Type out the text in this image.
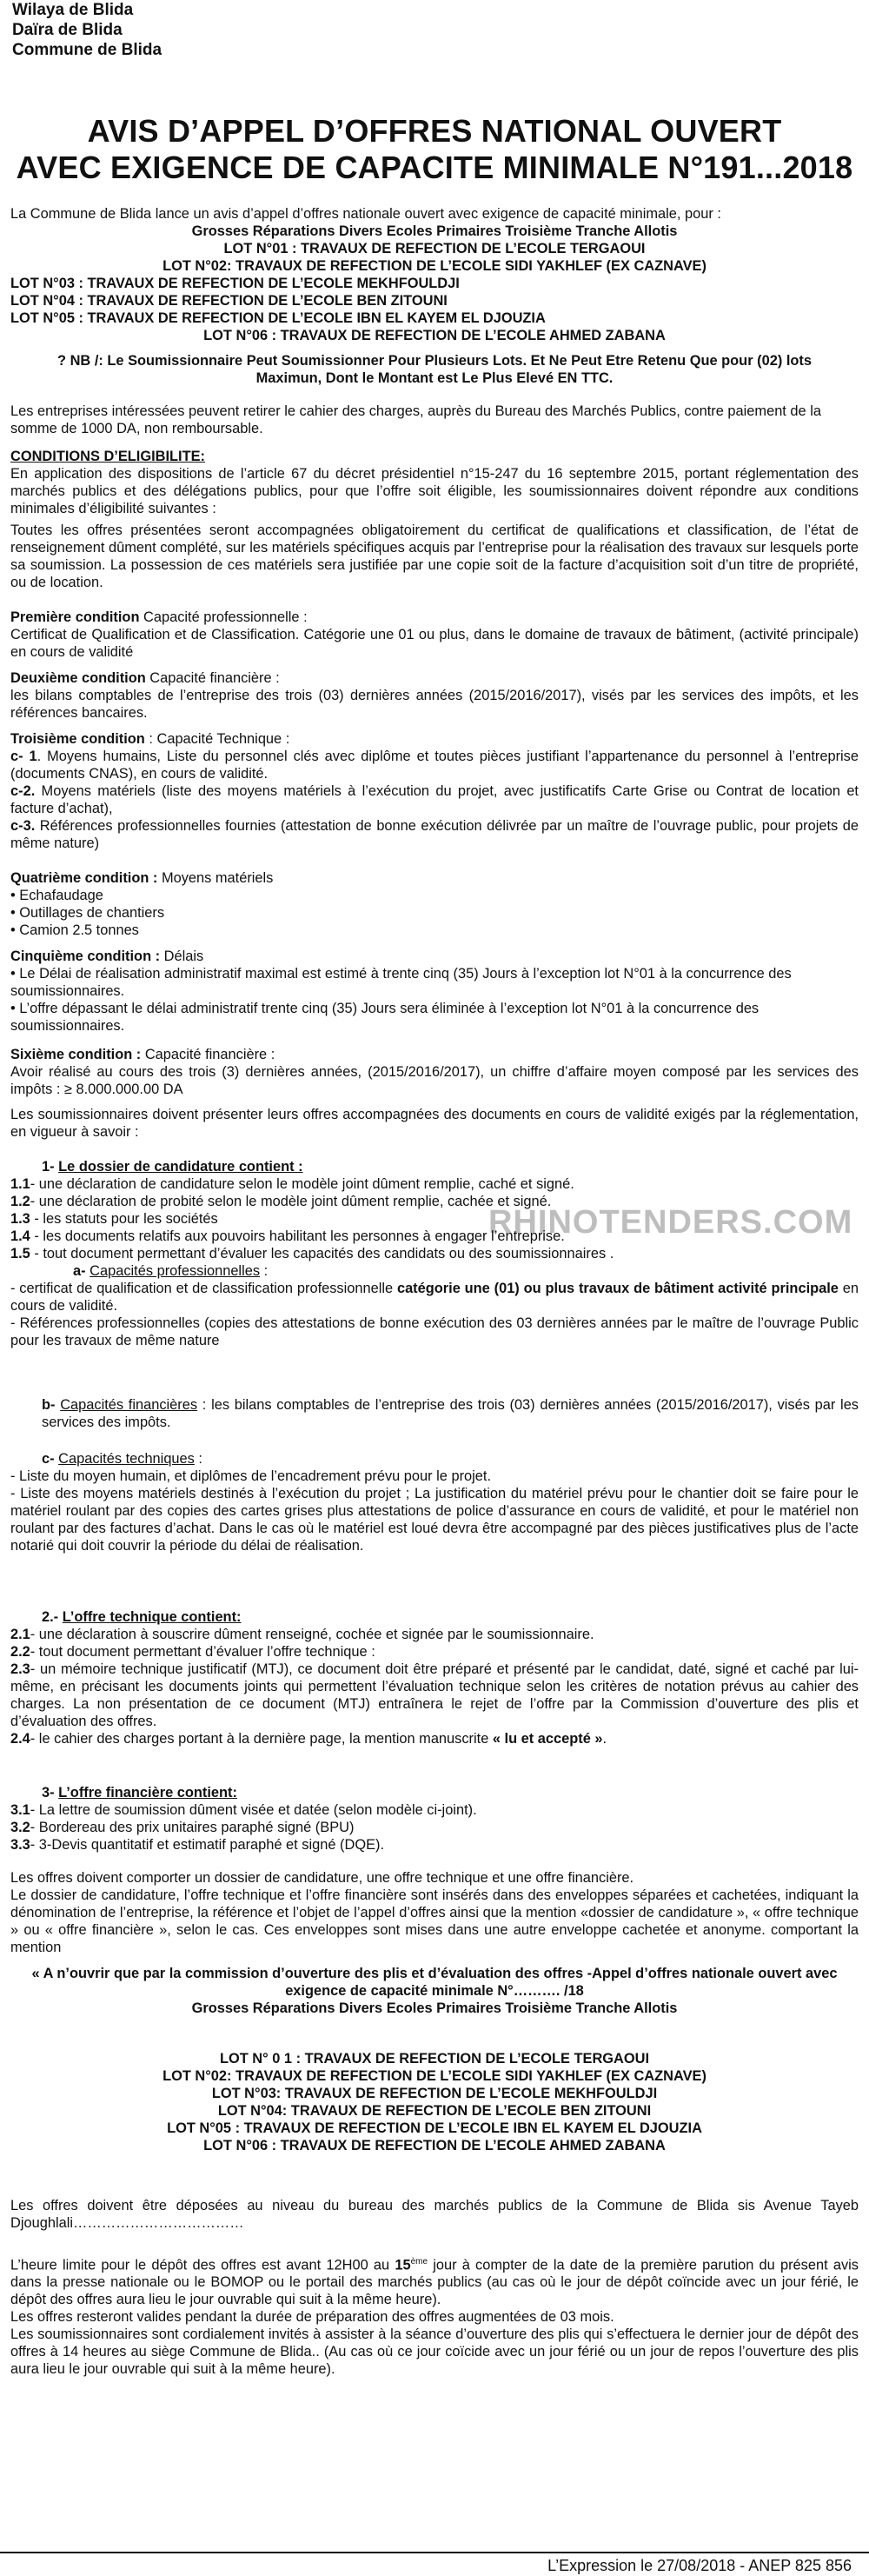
Wilaya de Blida
Daïra de Blida
Commune de Blida
AVIS D’APPEL D’OFFRES NATIONAL OUVERT
AVEC EXIGENCE DE CAPACITE MINIMALE N°191...2018
La Commune de Blida lance un avis d’appel d’offres nationale ouvert avec exigence de capacité minimale, pour :
Grosses Réparations Divers Ecoles Primaires Troisième Tranche Allotis
LOT N°01 : TRAVAUX DE REFECTION DE L’ECOLE TERGAOUI
LOT N°02: TRAVAUX DE REFECTION DE L’ECOLE SIDI YAKHLEF (EX CAZNAVE)
LOT N°03 : TRAVAUX DE REFECTION DE L’ECOLE MEKHFOULDJI
LOT N°04 : TRAVAUX DE REFECTION DE L’ECOLE BEN ZITOUNI
LOT N°05 : TRAVAUX DE REFECTION DE L’ECOLE IBN EL KAYEM EL DJOUZIA
LOT N°06 : TRAVAUX DE REFECTION DE L’ECOLE AHMED ZABANA
? NB /: Le Soumissionnaire Peut Soumissionner Pour Plusieurs Lots. Et Ne Peut Etre Retenu Que pour (02) lots
Maximun, Dont le Montant est Le Plus Elevé EN TTC.
Les entreprises intéressées peuvent retirer le cahier des charges, auprès du Bureau des Marchés Publics, contre paiement de la somme de 1000 DA, non remboursable.
CONDITIONS D’ELIGIBILITE:
En application des dispositions de l’article 67 du décret présidentiel n°15-247 du 16 septembre 2015, portant réglementation des marchés publics et des délégations publics, pour que l’offre soit éligible, les soumissionnaires doivent répondre aux conditions minimales d’éligibilité suivantes :
Toutes les offres présentées seront accompagnées obligatoirement du certificat de qualifications et classification, de l’état de renseignement dûment complété, sur les matériels spécifiques acquis par l’entreprise pour la réalisation des travaux sur lesquels porte sa soumission. La possession de ces matériels sera justifiée par une copie soit de la facture d’acquisition soit d’un titre de propriété, ou de location.
Première condition Capacité professionnelle :
Certificat de Qualification et de Classification. Catégorie une 01 ou plus, dans le domaine de travaux de bâtiment, (activité principale) en cours de validité
Deuxième condition Capacité financière :
les bilans comptables de l’entreprise des trois (03) dernières années (2015/2016/2017), visés par les services des impôts, et les références bancaires.
Troisième condition : Capacité Technique :
c- 1. Moyens humains, Liste du personnel clés avec diplôme et toutes pièces justifiant l’appartenance du personnel à l’entreprise (documents CNAS), en cours de validité.
c-2. Moyens matériels (liste des moyens matériels à l’exécution du projet, avec justificatifs Carte Grise ou Contrat de location et facture d’achat),
c-3. Références professionnelles fournies (attestation de bonne exécution délivrée par un maître de l’ouvrage public, pour projets de même nature)
Quatrième condition : Moyens matériels
• Echafaudage
• Outillages de chantiers
• Camion 2.5 tonnes
Cinquième condition : Délais
• Le Délai de réalisation administratif maximal est estimé à trente cinq (35) Jours à l’exception lot N°01 à la concurrence des soumissionnaires.
• L’offre dépassant le délai administratif trente cinq (35) Jours sera éliminée à l’exception lot N°01 à la concurrence des soumissionnaires.
Sixième condition : Capacité financière :
Avoir réalisé au cours des trois (3) dernières années, (2015/2016/2017), un chiffre d’affaire moyen composé par les services des impôts : ≥ 8.000.000.00 DA
Les soumissionnaires doivent présenter leurs offres accompagnées des documents en cours de validité exigés par la réglementation, en vigueur à savoir :
RHINOTENDERS.COM
1- Le dossier de candidature contient :
1.1- une déclaration de candidature selon le modèle joint dûment remplie, caché et signé.
1.2- une déclaration de probité selon le modèle joint dûment remplie, cachée et signé.
1.3 - les statuts pour les sociétés
1.4 - les documents relatifs aux pouvoirs habilitant les personnes à engager l’entreprise.
1.5 - tout document permettant d’évaluer les capacités des candidats ou des soumissionnaires .
a- Capacités professionnelles :
- certificat de qualification et de classification professionnelle catégorie une (01) ou plus travaux de bâtiment activité principale en cours de validité.
- Références professionnelles (copies des attestations de bonne exécution des 03 dernières années par le maître de l’ouvrage Public pour les travaux de même nature
b- Capacités financières : les bilans comptables de l’entreprise des trois (03) dernières années (2015/2016/2017), visés par les services des impôts.
c- Capacités techniques :
- Liste du moyen humain, et diplômes de l’encadrement prévu pour le projet.
- Liste des moyens matériels destinés à l’exécution du projet ; La justification du matériel prévu pour le chantier doit se faire pour le matériel roulant par des copies des cartes grises plus attestations de police d’assurance en cours de validité, et pour le matériel non roulant par des factures d’achat. Dans le cas où le matériel est loué devra être accompagné par des pièces justificatives plus de l’acte notarié qui doit couvrir la période du délai de réalisation.
2.- L’offre technique contient:
2.1- une déclaration à souscrire dûment renseigné, cochée et signée par le soumissionnaire.
2.2- tout document permettant d’évaluer l’offre technique :
2.3- un mémoire technique justificatif (MTJ), ce document doit être préparé et présenté par le candidat, daté, signé et caché par lui-même, en précisant les documents joints qui permettent l’évaluation technique selon les critères de notation prévus au cahier des charges. La non présentation de ce document (MTJ) entraînera le rejet de l’offre par la Commission d’ouverture des plis et d’évaluation des offres.
2.4- le cahier des charges portant à la dernière page, la mention manuscrite « lu et accepté ».
3- L’offre financière contient:
3.1- La lettre de soumission dûment visée et datée (selon modèle ci-joint).
3.2- Bordereau des prix unitaires paraphé signé (BPU)
3.3- 3-Devis quantitatif et estimatif paraphé et signé (DQE).
Les offres doivent comporter un dossier de candidature, une offre technique et une offre financière.
Le dossier de candidature, l’offre technique et l’offre financière sont insérés dans des enveloppes séparées et cachetées, indiquant la dénomination de l’entreprise, la référence et l’objet de l’appel d’offres ainsi que la mention «dossier de candidature », « offre technique » ou « offre financière », selon le cas. Ces enveloppes sont mises dans une autre enveloppe cachetée et anonyme. comportant la mention
« A n’ouvrir que par la commission d’ouverture des plis et d’évaluation des offres -Appel d’offres nationale ouvert avec exigence de capacité minimale N°………. /18
Grosses Réparations Divers Ecoles Primaires Troisième Tranche Allotis
LOT N° 0 1 : TRAVAUX DE REFECTION DE L’ECOLE TERGAOUI
LOT N°02: TRAVAUX DE REFECTION DE L’ECOLE SIDI YAKHLEF (EX CAZNAVE)
LOT N°03: TRAVAUX DE REFECTION DE L’ECOLE MEKHFOULDJI
LOT N°04: TRAVAUX DE REFECTION DE L’ECOLE BEN ZITOUNI
LOT N°05 : TRAVAUX DE REFECTION DE L’ECOLE IBN EL KAYEM EL DJOUZIA
LOT N°06 : TRAVAUX DE REFECTION DE L’ECOLE AHMED ZABANA
Les offres doivent être déposées au niveau du bureau des marchés publics de la Commune de Blida sis Avenue Tayeb Djoughlali………………………………
L’heure limite pour le dépôt des offres est avant 12H00 au 15ème jour à compter de la date de la première parution du présent avis dans la presse nationale ou le BOMOP ou le portail des marchés publics (au cas où le jour de dépôt coïncide avec un jour férié, le dépôt des offres aura lieu le jour ouvrable qui suit à la même heure).
Les offres resteront valides pendant la durée de préparation des offres augmentées de 03 mois.
Les soumissionnaires sont cordialement invités à assister à la séance d’ouverture des plis qui s’effectuera le dernier jour de dépôt des offres à 14 heures au siège Commune de Blida.. (Au cas où ce jour coïcide avec un jour férié ou un jour de repos l’ouverture des plis aura lieu le jour ouvrable qui suit à la même heure).
L’Expression le 27/08/2018 - ANEP 825 856
